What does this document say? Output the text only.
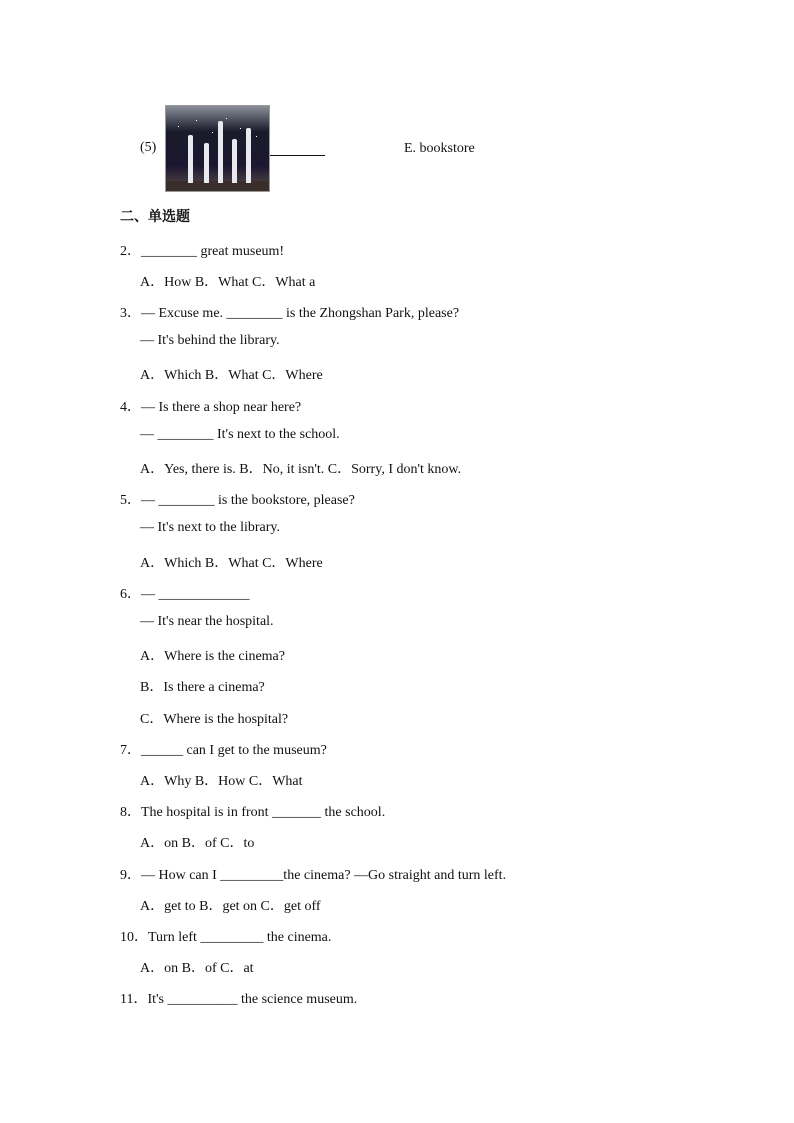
(5)	E. bookstore
二、单选题
2．________ great museum!
A．How B．What C．What a
3．— Excuse me. ________ is the Zhongshan Park, please?
— It's behind the library.
A．Which B．What C．Where
4．— Is there a shop near here?
— ________ It's next to the school.
A．Yes, there is. B．No, it isn't. C．Sorry, I don't know.
5．— ________ is the bookstore, please?
— It's next to the library.
A．Which B．What C．Where
6．— _____________
— It's near the hospital.
A．Where is the cinema?
B．Is there a cinema?
C．Where is the hospital?
7．______ can I get to the museum?
A．Why B．How C．What
8．The hospital is in front _______ the school.
A．on B．of C．to
9．— How can I _________the cinema? —Go straight and turn left.
A．get to B．get on C．get off
10．Turn left _________ the cinema.
A．on B．of C．at
11．It's __________ the science museum.
